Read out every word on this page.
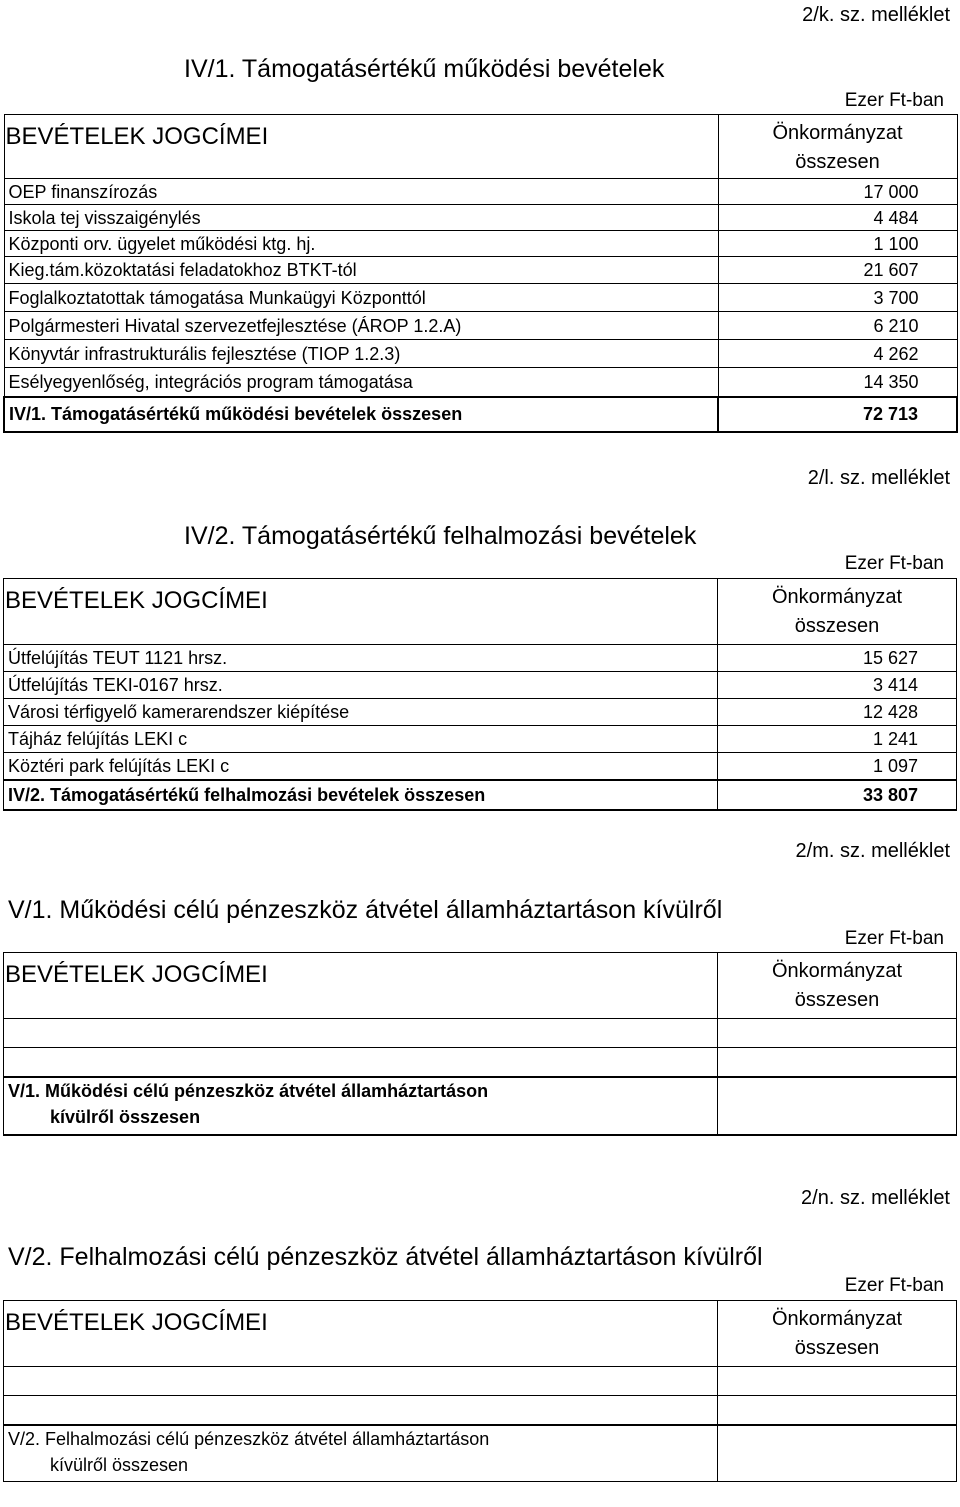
2/k. sz. melléklet
IV/1. Támogatásértékű működési bevételek
Ezer Ft-ban
BEVÉTELEK JOGCÍMEI	Önkormányzat
összesen
OEP finanszírozás	17 000
Iskola tej visszaigénylés	4 484
Központi orv. ügyelet működési ktg. hj.	1 100
Kieg.tám.közoktatási feladatokhoz BTKT-tól	21 607
Foglalkoztatottak támogatása Munkaügyi Központtól	3 700
Polgármesteri Hivatal szervezetfejlesztése (ÁROP 1.2.A)	6 210
Könyvtár infrastrukturális fejlesztése (TIOP 1.2.3)	4 262
Esélyegyenlőség, integrációs program támogatása	14 350
IV/1. Támogatásértékű működési bevételek összesen	72 713
2/l. sz. melléklet
IV/2. Támogatásértékű felhalmozási bevételek
Ezer Ft-ban
BEVÉTELEK JOGCÍMEI	Önkormányzat
összesen
Útfelújítás TEUT 1121 hrsz.	15 627
Útfelújítás TEKI-0167 hrsz.	3 414
Városi térfigyelő kamerarendszer kiépítése	12 428
Tájház felújítás LEKI c	1 241
Köztéri park felújítás LEKI c	1 097
IV/2. Támogatásértékű felhalmozási bevételek összesen	33 807
2/m. sz. melléklet
V/1. Működési célú pénzeszköz átvétel államháztartáson kívülről
Ezer Ft-ban
BEVÉTELEK JOGCÍMEI	Önkormányzat
összesen

V/1. Működési célú pénzeszköz átvétel államháztartáson
kívülről összesen	
2/n. sz. melléklet
V/2. Felhalmozási célú pénzeszköz átvétel államháztartáson kívülről
Ezer Ft-ban
BEVÉTELEK JOGCÍMEI	Önkormányzat
összesen

V/2. Felhalmozási célú pénzeszköz átvétel államháztartáson
kívülről összesen	
